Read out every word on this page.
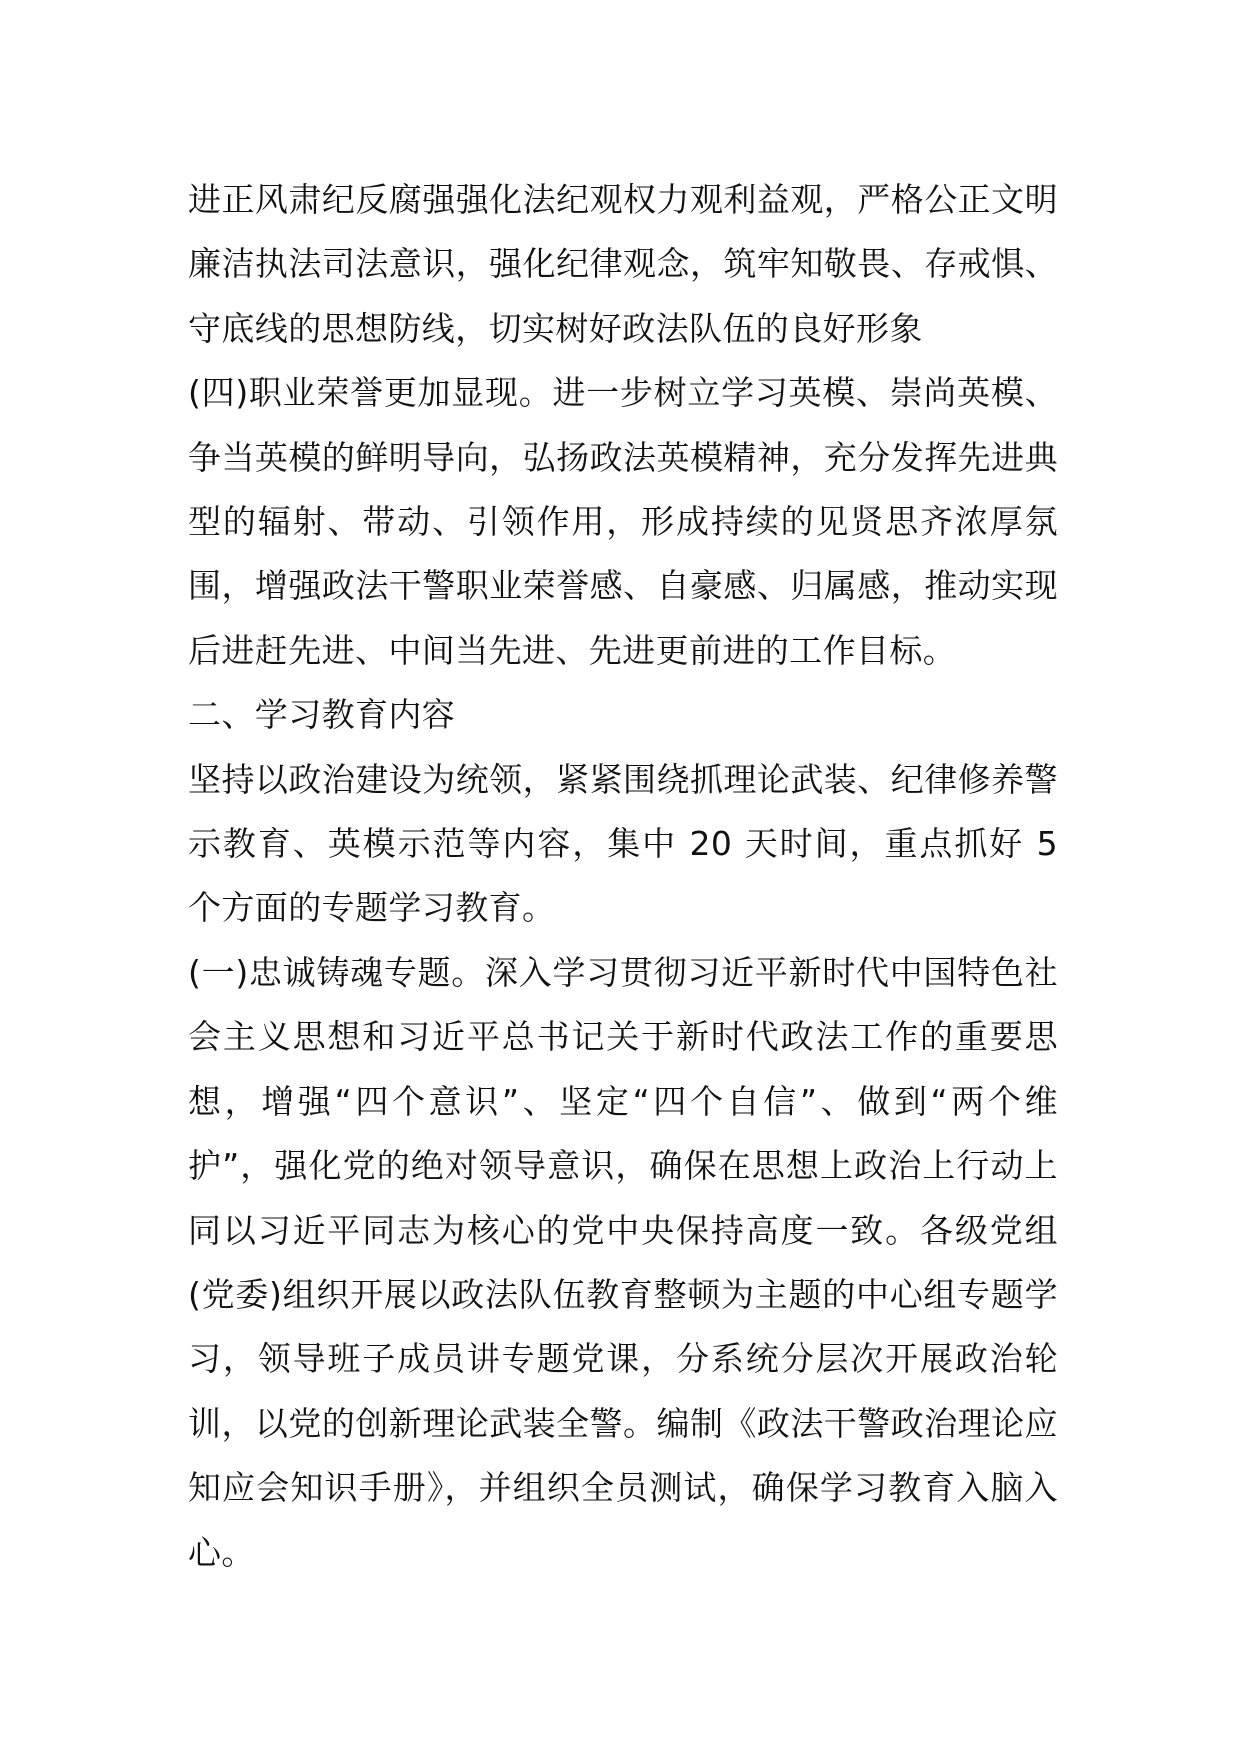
进正风肃纪反腐强强化法纪观权力观利益观，严格公正文明廉洁执法司法意识，强化纪律观念，筑牢知敬畏、存戒惧、守底线的思想防线，切实树好政法队伍的良好形象

(四)职业荣誉更加显现。进一步树立学习英模、崇尚英模、争当英模的鲜明导向，弘扬政法英模精神，充分发挥先进典型的辐射、带动、引领作用，形成持续的见贤思齐浓厚氛围，增强政法干警职业荣誉感、自豪感、归属感，推动实现后进赶先进、中间当先进、先进更前进的工作目标。

二、学习教育内容

坚持以政治建设为统领，紧紧围绕抓理论武装、纪律修养警示教育、英模示范等内容，集中 20 天时间，重点抓好 5 个方面的专题学习教育。

(一)忠诚铸魂专题。深入学习贯彻习近平新时代中国特色社会主义思想和习近平总书记关于新时代政法工作的重要思想，增强“四个意识”、坚定“四个自信”、做到“两个维护”，强化党的绝对领导意识，确保在思想上政治上行动上同以习近平同志为核心的党中央保持高度一致。各级党组(党委)组织开展以政法队伍教育整顿为主题的中心组专题学习，领导班子成员讲专题党课，分系统分层次开展政治轮训，以党的创新理论武装全警。编制《政法干警政治理论应知应会知识手册》，并组织全员测试，确保学习教育入脑入心。
